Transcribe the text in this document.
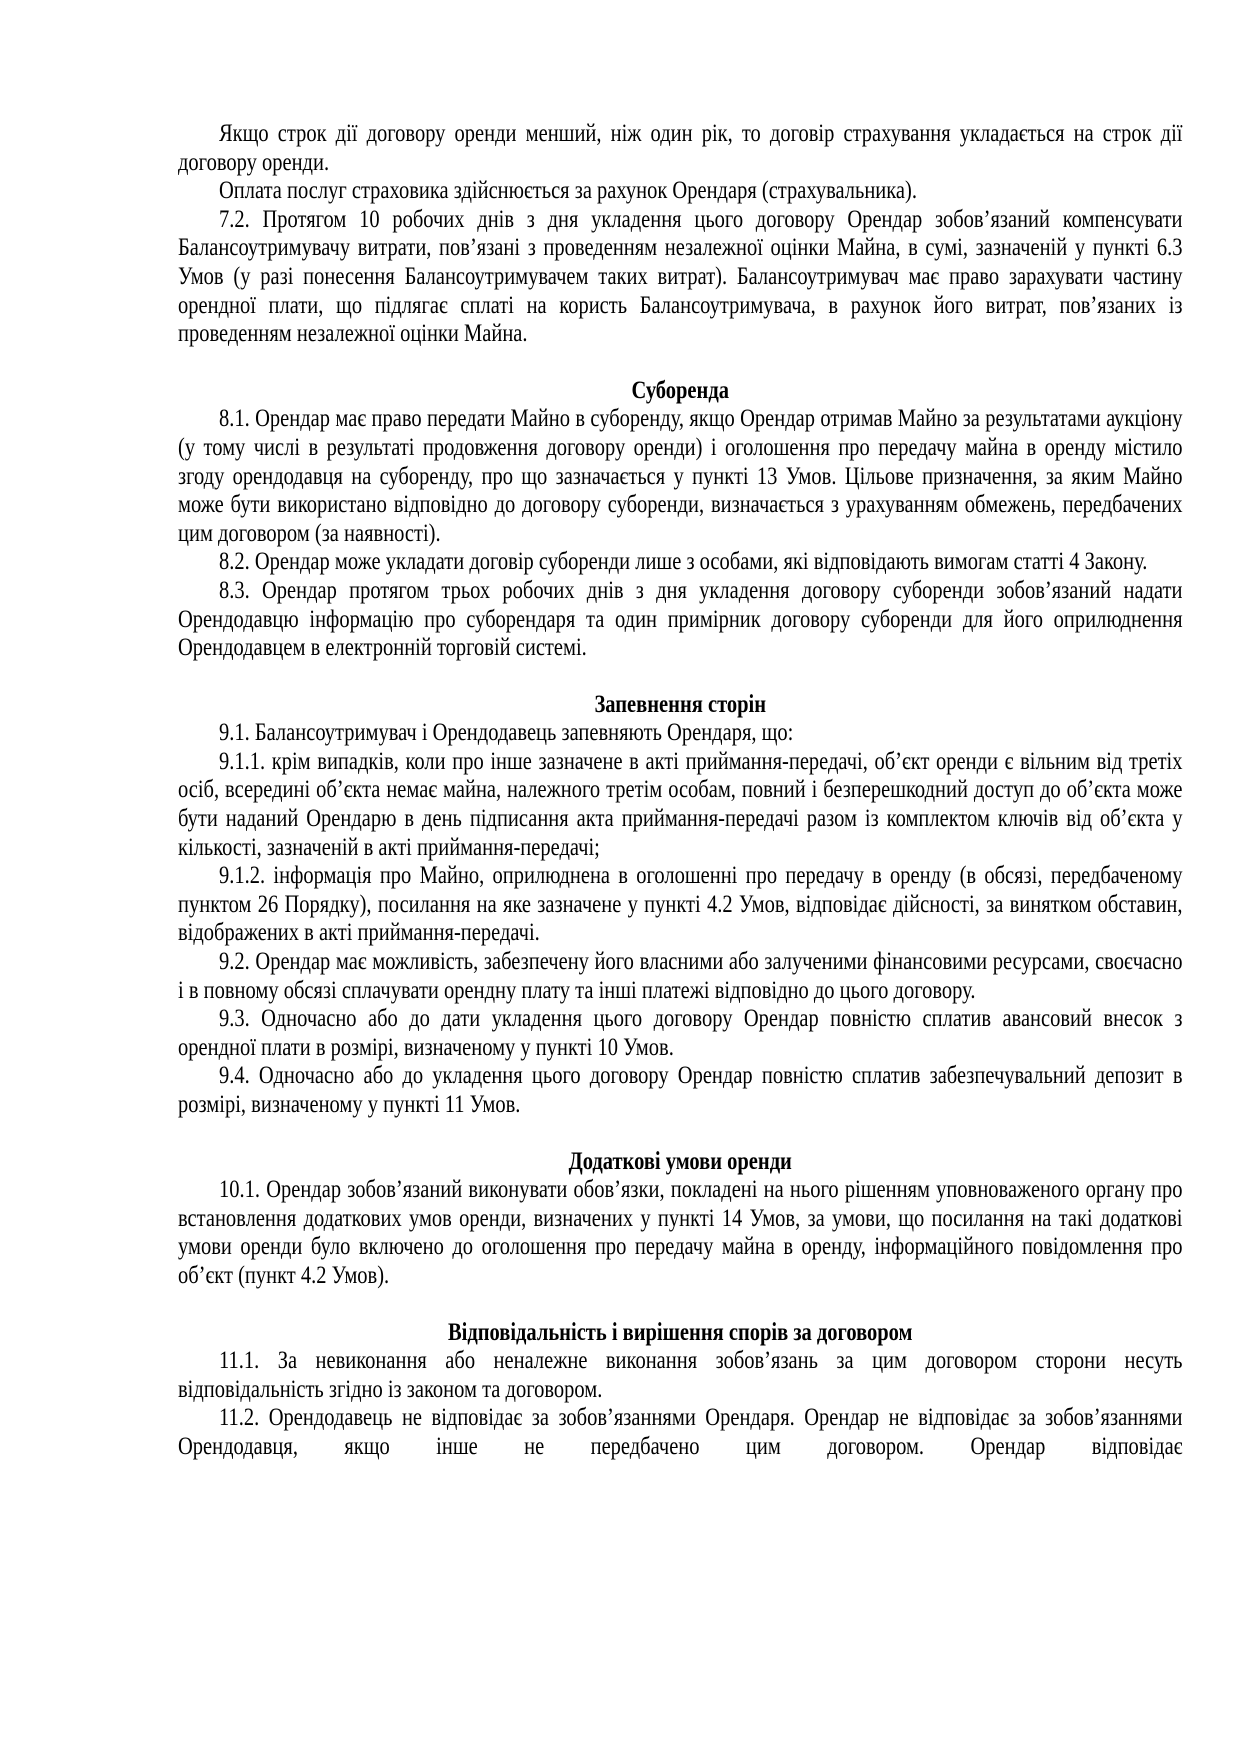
Якщо строк дії договору оренди менший, ніж один рік, то договір страхування укладається на строк дії договору оренди.

Оплата послуг страховика здійснюється за рахунок Орендаря (страхувальника).

7.2. Протягом 10 робочих днів з дня укладення цього договору Орендар зобов’язаний компенсувати Балансоутримувачу витрати, пов’язані з проведенням незалежної оцінки Майна, в сумі, зазначеній у пункті 6.3 Умов (у разі понесення Балансоутримувачем таких витрат). Балансоутримувач має право зарахувати частину орендної плати, що підлягає сплаті на користь Балансоутримувача, в рахунок його витрат, пов’язаних із проведенням незалежної оцінки Майна.

Суборенда

8.1. Орендар має право передати Майно в суборенду, якщо Орендар отримав Майно за результатами аукціону (у тому числі в результаті продовження договору оренди) і оголошення про передачу майна в оренду містило згоду орендодавця на суборенду, про що зазначається у пункті 13 Умов. Цільове призначення, за яким Майно може бути використано відповідно до договору суборенди, визначається з урахуванням обмежень, передбачених цим договором (за наявності).

8.2. Орендар може укладати договір суборенди лише з особами, які відповідають вимогам статті 4 Закону.

8.3. Орендар протягом трьох робочих днів з дня укладення договору суборенди зобов’язаний надати Орендодавцю інформацію про суборендаря та один примірник договору суборенди для його оприлюднення Орендодавцем в електронній торговій системі.

Запевнення сторін

9.1. Балансоутримувач і Орендодавець запевняють Орендаря, що:

9.1.1. крім випадків, коли про інше зазначене в акті приймання-передачі, об’єкт оренди є вільним від третіх осіб, всередині об’єкта немає майна, належного третім особам, повний і безперешкодний доступ до об’єкта може бути наданий Орендарю в день підписання акта приймання-передачі разом із комплектом ключів від об’єкта у кількості, зазначеній в акті приймання-передачі;

9.1.2. інформація про Майно, оприлюднена в оголошенні про передачу в оренду (в обсязі, передбаченому пунктом 26 Порядку), посилання на яке зазначене у пункті 4.2 Умов, відповідає дійсності, за винятком обставин, відображених в акті приймання-передачі.

9.2. Орендар має можливість, забезпечену його власними або залученими фінансовими ресурсами, своєчасно і в повному обсязі сплачувати орендну плату та інші платежі відповідно до цього договору.

9.3. Одночасно або до дати укладення цього договору Орендар повністю сплатив авансовий внесок з орендної плати в розмірі, визначеному у пункті 10 Умов.

9.4. Одночасно або до укладення цього договору Орендар повністю сплатив забезпечувальний депозит в розмірі, визначеному у пункті 11 Умов.

Додаткові умови оренди

10.1. Орендар зобов’язаний виконувати обов’язки, покладені на нього рішенням уповноваженого органу про встановлення додаткових умов оренди, визначених у пункті 14 Умов, за умови, що посилання на такі додаткові умови оренди було включено до оголошення про передачу майна в оренду, інформаційного повідомлення про об’єкт (пункт 4.2 Умов).

Відповідальність і вирішення спорів за договором

11.1. За невиконання або неналежне виконання зобов’язань за цим договором сторони несуть відповідальність згідно із законом та договором.

11.2. Орендодавець не відповідає за зобов’язаннями Орендаря. Орендар не відповідає за зобов’язаннями Орендодавця, якщо інше не передбачено цим договором. Орендар відповідає
